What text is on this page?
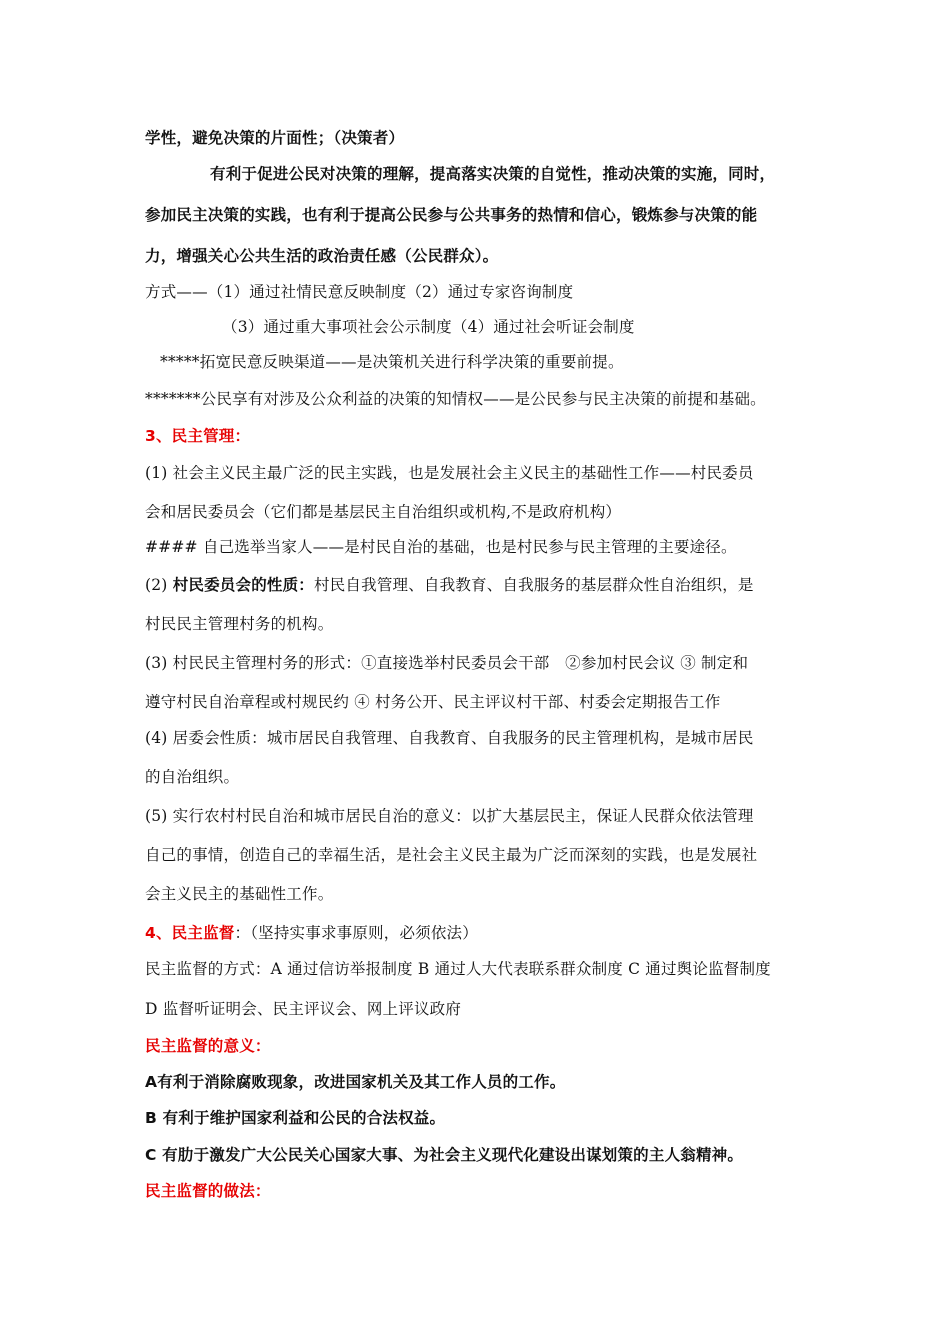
学性，避免决策的片面性；（决策者）
有利于促进公民对决策的理解，提高落实决策的自觉性，推动决策的实施，同时，
参加民主决策的实践，也有利于提高公民参与公共事务的热情和信心，锻炼参与决策的能
力，增强关心公共生活的政治责任感（公民群众）。
方式——（1）通过社情民意反映制度（2）通过专家咨询制度
（3）通过重大事项社会公示制度（4）通过社会听证会制度
*****拓宽民意反映渠道——是决策机关进行科学决策的重要前提。
*******公民享有对涉及公众利益的决策的知情权——是公民参与民主决策的前提和基础。
3、民主管理：
(1) 社会主义民主最广泛的民主实践，也是发展社会主义民主的基础性工作——村民委员
会和居民委员会（它们都是基层民主自治组织或机构,不是政府机构）
#### 自己选举当家人——是村民自治的基础，也是村民参与民主管理的主要途径。
(2) 村民委员会的性质：村民自我管理、自我教育、自我服务的基层群众性自治组织，是
村民民主管理村务的机构。
(3) 村民民主管理村务的形式：①直接选举村民委员会干部　②参加村民会议 ③ 制定和
遵守村民自治章程或村规民约 ④ 村务公开、民主评议村干部、村委会定期报告工作
(4) 居委会性质：城市居民自我管理、自我教育、自我服务的民主管理机构，是城市居民
的自治组织。
(5) 实行农村村民自治和城市居民自治的意义：以扩大基层民主，保证人民群众依法管理
自己的事情，创造自己的幸福生活，是社会主义民主最为广泛而深刻的实践，也是发展社
会主义民主的基础性工作。
4、民主监督：（坚持实事求事原则，必须依法）
民主监督的方式：A 通过信访举报制度 B 通过人大代表联系群众制度 C 通过舆论监督制度
D 监督听证明会、民主评议会、网上评议政府
民主监督的意义：
A有利于消除腐败现象，改进国家机关及其工作人员的工作。
B 有利于维护国家利益和公民的合法权益。
C 有肋于激发广大公民关心国家大事、为社会主义现代化建设出谋划策的主人翁精神。
民主监督的做法：
